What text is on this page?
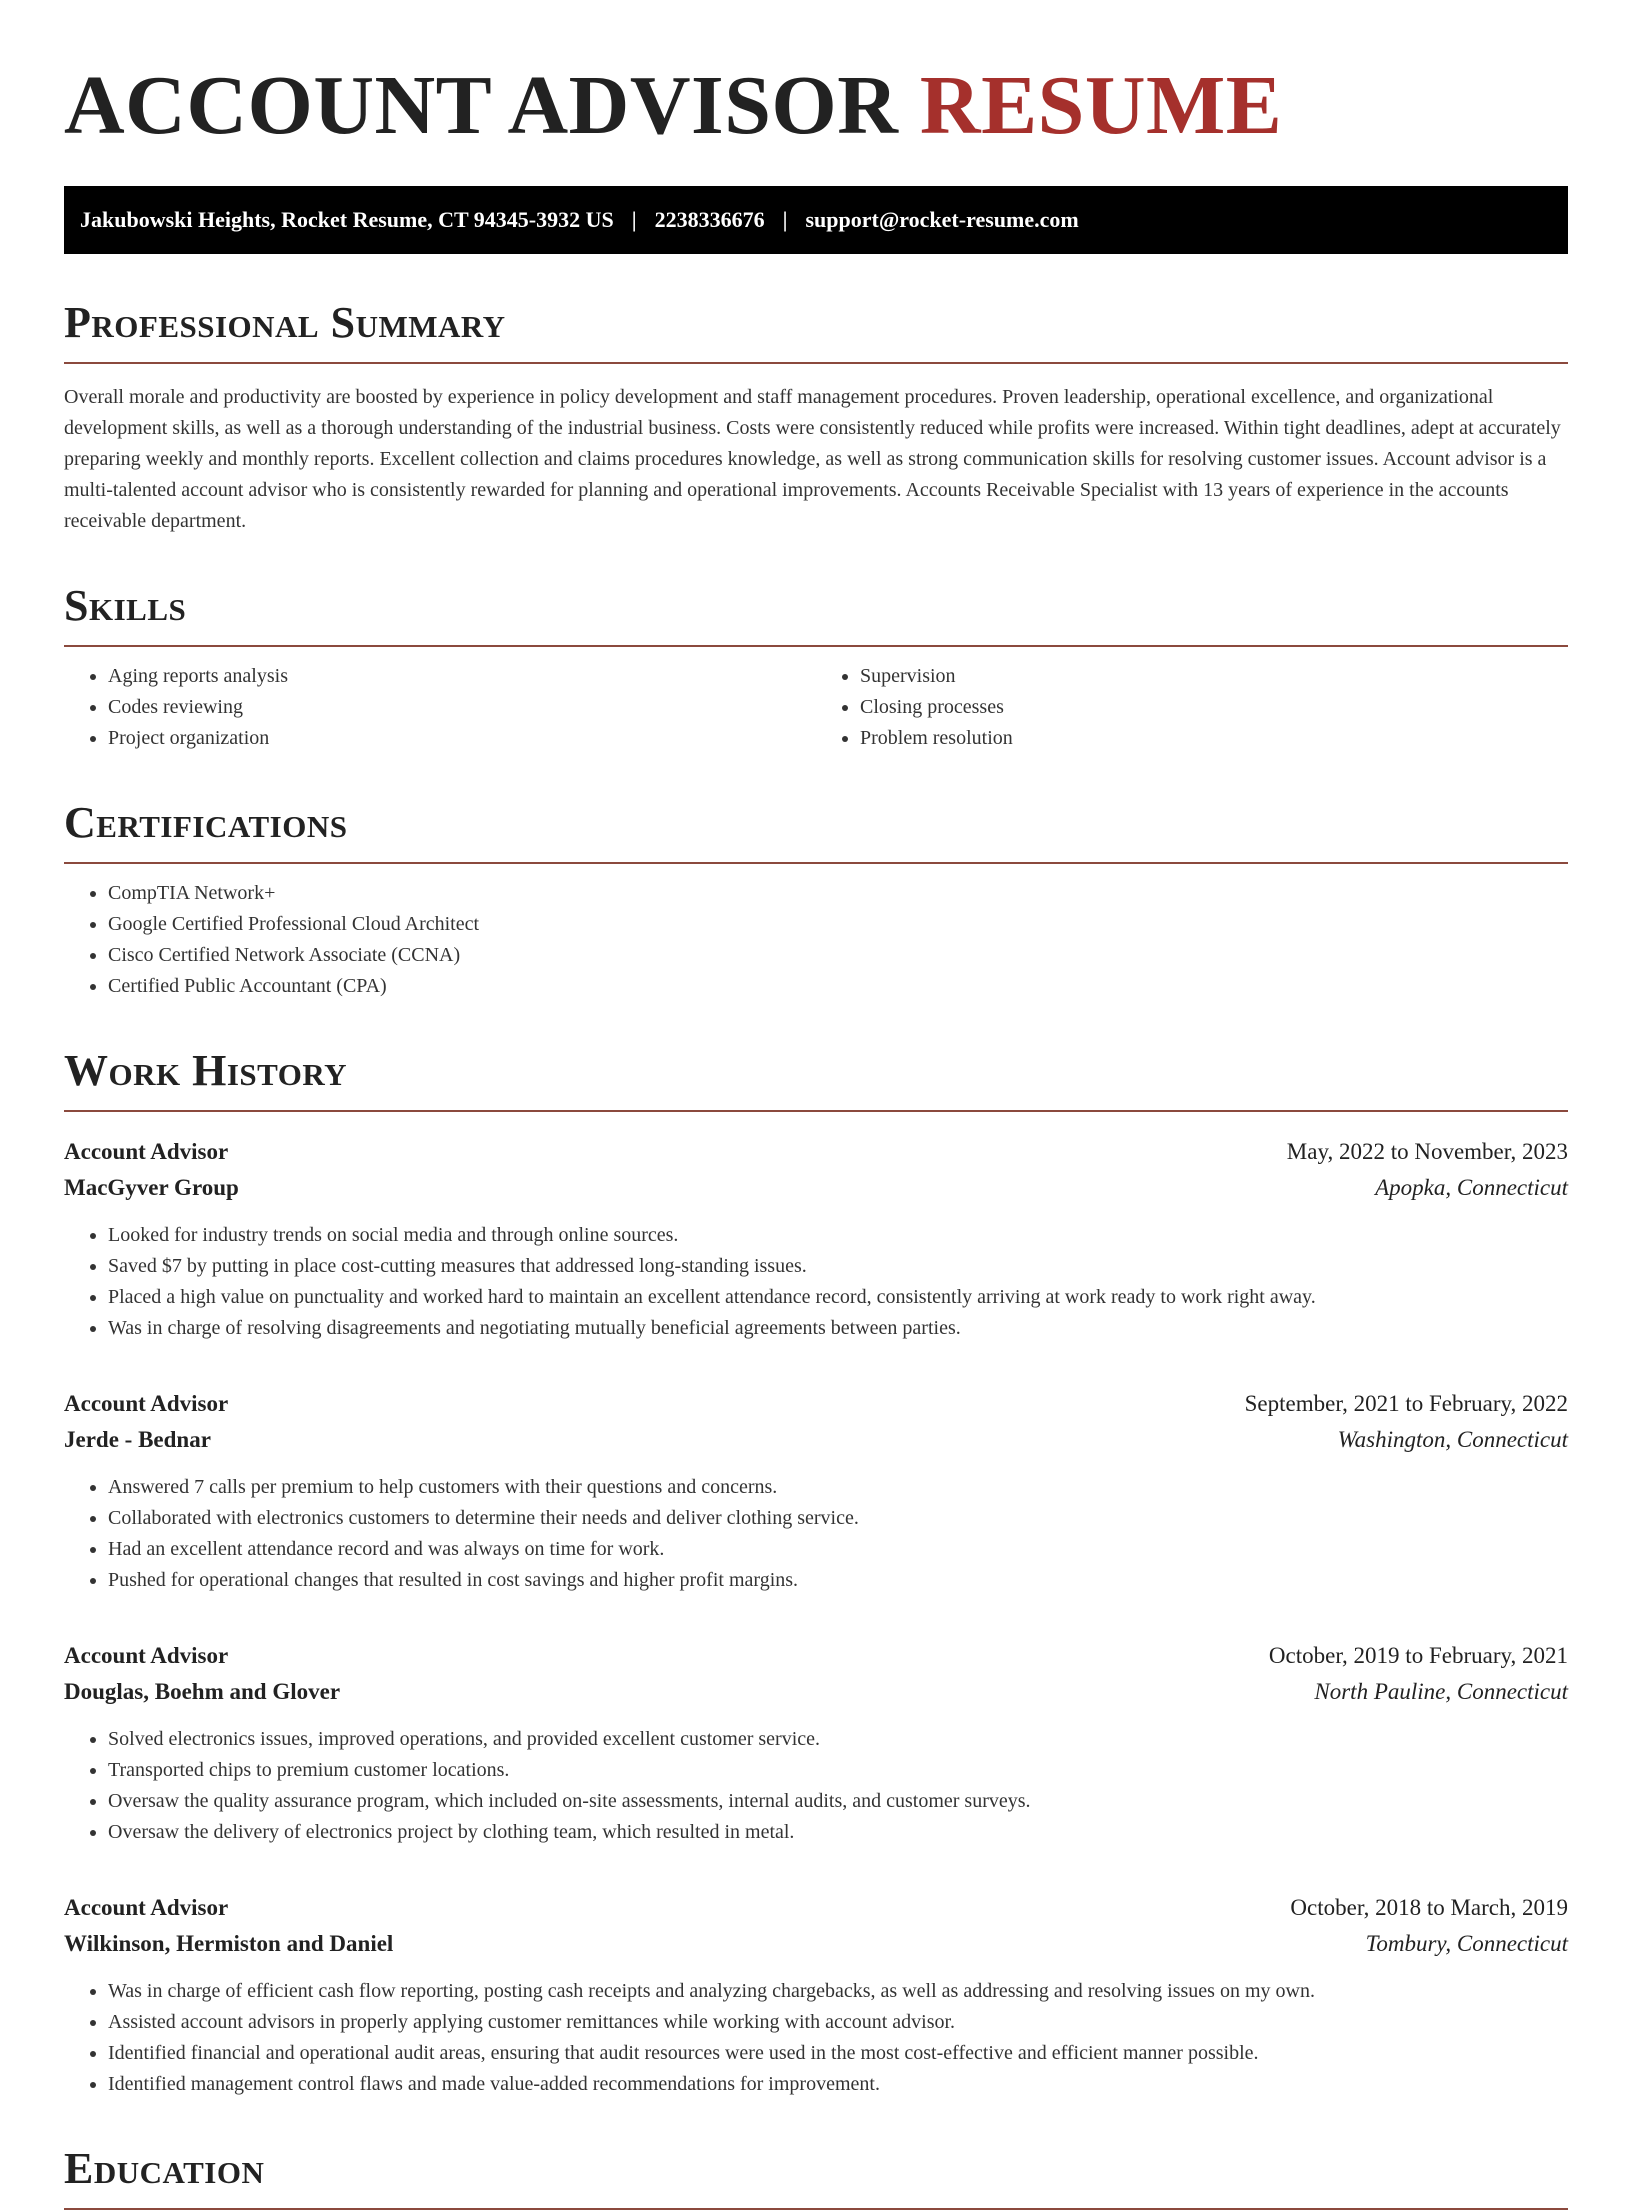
ACCOUNT ADVISOR RESUME
Jakubowski Heights, Rocket Resume, CT 94345-3932 US | 2238336676 | support@rocket-resume.com
Professional Summary

Overall morale and productivity are boosted by experience in policy development and staff management procedures. Proven leadership, operational excellence, and organizational development skills, as well as a thorough understanding of the industrial business. Costs were consistently reduced while profits were increased. Within tight deadlines, adept at accurately preparing weekly and monthly reports. Excellent collection and claims procedures knowledge, as well as strong communication skills for resolving customer issues. Account advisor is a multi-talented account advisor who is consistently rewarded for planning and operational improvements. Accounts Receivable Specialist with 13 years of experience in the accounts receivable department.

Skills
• Aging reports analysis
• Codes reviewing
• Project organization
• Supervision
• Closing processes
• Problem resolution
Certifications
• CompTIA Network+
• Google Certified Professional Cloud Architect
• Cisco Certified Network Associate (CCNA)
• Certified Public Accountant (CPA)
Work History
Account Advisor	May, 2022 to November, 2023
MacGyver Group	Apopka, Connecticut
• Looked for industry trends on social media and through online sources.
• Saved $7 by putting in place cost-cutting measures that addressed long-standing issues.
• Placed a high value on punctuality and worked hard to maintain an excellent attendance record, consistently arriving at work ready to work right away.
• Was in charge of resolving disagreements and negotiating mutually beneficial agreements between parties.
Account Advisor	September, 2021 to February, 2022
Jerde - Bednar	Washington, Connecticut
• Answered 7 calls per premium to help customers with their questions and concerns.
• Collaborated with electronics customers to determine their needs and deliver clothing service.
• Had an excellent attendance record and was always on time for work.
• Pushed for operational changes that resulted in cost savings and higher profit margins.
Account Advisor	October, 2019 to February, 2021
Douglas, Boehm and Glover	North Pauline, Connecticut
• Solved electronics issues, improved operations, and provided excellent customer service.
• Transported chips to premium customer locations.
• Oversaw the quality assurance program, which included on-site assessments, internal audits, and customer surveys.
• Oversaw the delivery of electronics project by clothing team, which resulted in metal.
Account Advisor	October, 2018 to March, 2019
Wilkinson, Hermiston and Daniel	Tombury, Connecticut
• Was in charge of efficient cash flow reporting, posting cash receipts and analyzing chargebacks, as well as addressing and resolving issues on my own.
• Assisted account advisors in properly applying customer remittances while working with account advisor.
• Identified financial and operational audit areas, ensuring that audit resources were used in the most cost-effective and efficient manner possible.
• Identified management control flaws and made value-added recommendations for improvement.
Education
